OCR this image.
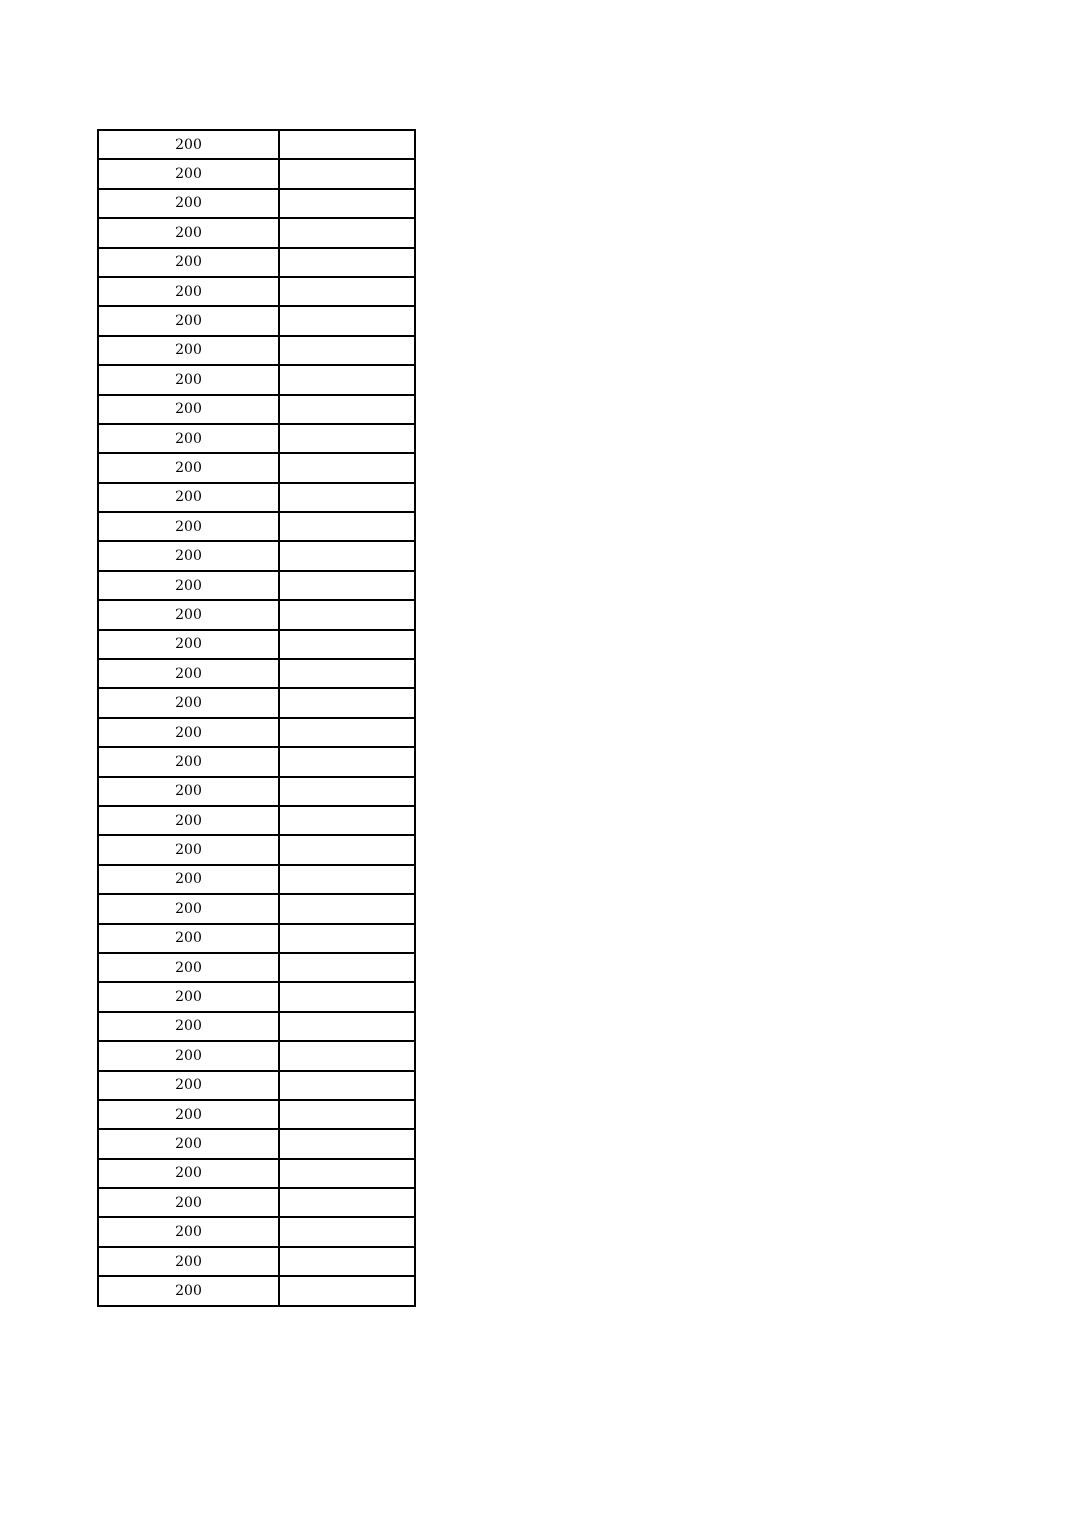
200	
200	
200	
200	
200	
200	
200	
200	
200	
200	
200	
200	
200	
200	
200	
200	
200	
200	
200	
200	
200	
200	
200	
200	
200	
200	
200	
200	
200	
200	
200	
200	
200	
200	
200	
200	
200	
200	
200	
200	
